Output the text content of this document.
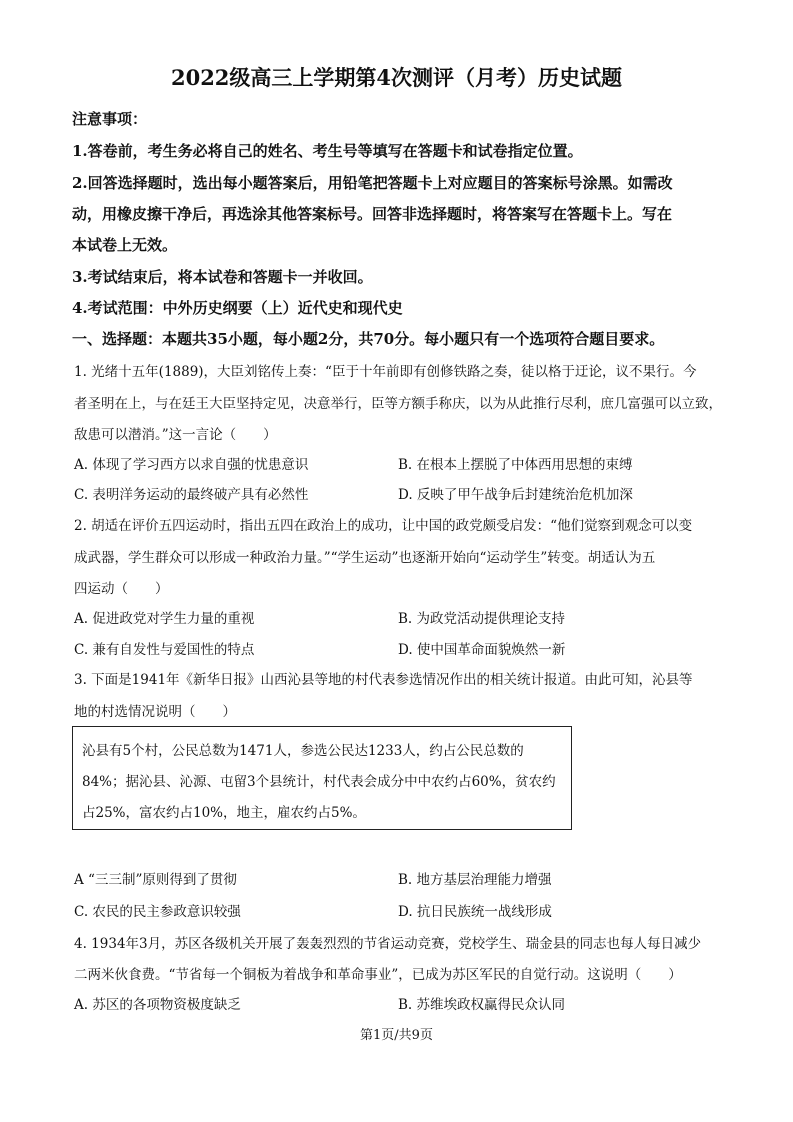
2022级高三上学期第4次测评（月考）历史试题
注意事项：
1.答卷前，考生务必将自己的姓名、考生号等填写在答题卡和试卷指定位置。
2.回答选择题时，选出每小题答案后，用铅笔把答题卡上对应题目的答案标号涂黑。如需改
动，用橡皮擦干净后，再选涂其他答案标号。回答非选择题时，将答案写在答题卡上。写在
本试卷上无效。
3.考试结束后，将本试卷和答题卡一并收回。
4.考试范围：中外历史纲要（上）近代史和现代史
一、选择题：本题共35小题，每小题2分，共70分。每小题只有一个选项符合题目要求。
1. 光绪十五年(1889)，大臣刘铭传上奏：“臣于十年前即有创修铁路之奏，徒以格于迂论，议不果行。今
者圣明在上，与在廷王大臣坚持定见，决意举行，臣等方额手称庆，以为从此推行尽利，庶几富强可以立致，
敌患可以潜消。”这一言论（　　）
A. 体现了学习西方以求自强的忧患意识	B. 在根本上摆脱了中体西用思想的束缚
C. 表明洋务运动的最终破产具有必然性	D. 反映了甲午战争后封建统治危机加深
2. 胡适在评价五四运动时，指出五四在政治上的成功，让中国的政党颇受启发：“他们觉察到观念可以变
成武器，学生群众可以形成一种政治力量。”“学生运动”也逐渐开始向“运动学生”转变。胡适认为五
四运动（　　）
A. 促进政党对学生力量的重视	B. 为政党活动提供理论支持
C. 兼有自发性与爱国性的特点	D. 使中国革命面貌焕然一新
3. 下面是1941年《新华日报》山西沁县等地的村代表参选情况作出的相关统计报道。由此可知，沁县等
地的村选情况说明（　　）
沁县有5个村，公民总数为1471人，参选公民达1233人，约占公民总数的
84%；据沁县、沁源、屯留3个县统计，村代表会成分中中农约占60%，贫农约
占25%，富农约占10%，地主，雇农约占5%。
A “三三制”原则得到了贯彻	B. 地方基层治理能力增强
C. 农民的民主参政意识较强	D. 抗日民族统一战线形成
4. 1934年3月，苏区各级机关开展了轰轰烈烈的节省运动竞赛，党校学生、瑞金县的同志也每人每日减少
二两米伙食费。“节省每一个铜板为着战争和革命事业”，已成为苏区军民的自觉行动。这说明（　　）
A. 苏区的各项物资极度缺乏	B. 苏维埃政权赢得民众认同
第1页/共9页
